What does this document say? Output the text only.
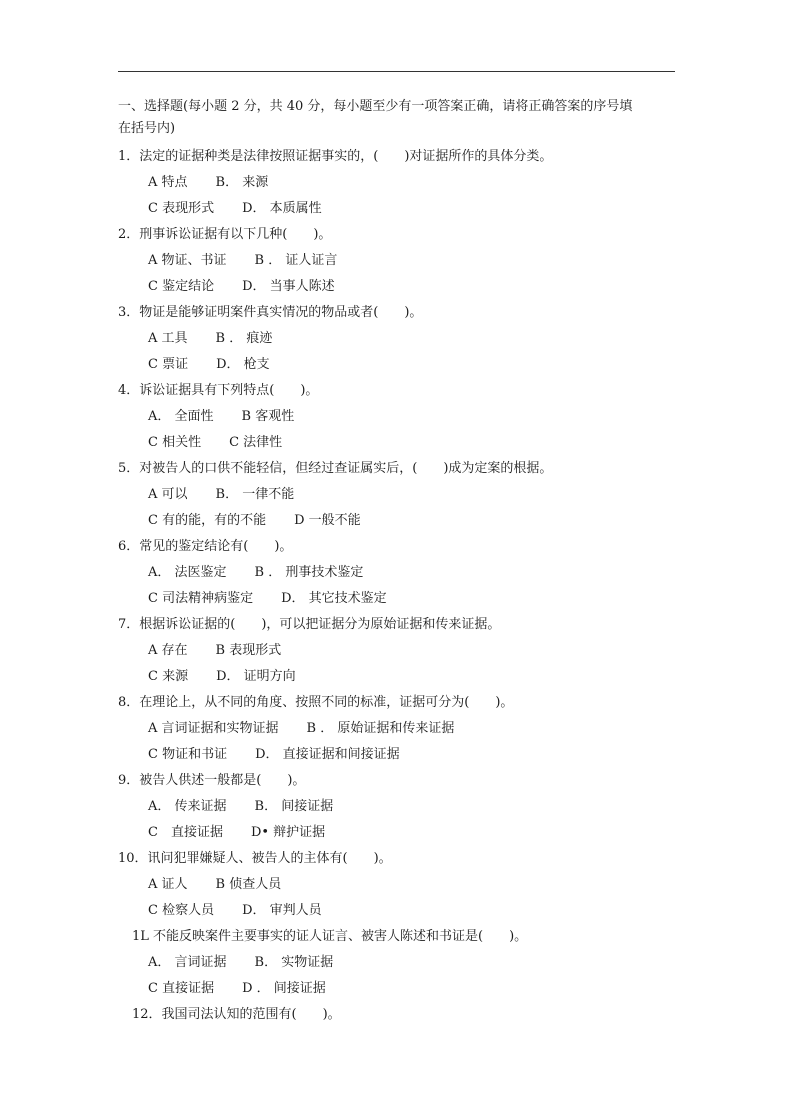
一、选择题(每小题 2 分，共 40 分，每小题至少有一项答案正确，请将正确答案的序号填
在括号内)
1．法定的证据种类是法律按照证据事实的，(　　)对证据所作的具体分类。
A 特点 B． 来源
C 表现形式 D． 本质属性
2．刑事诉讼证据有以下几种(　　)。
A 物证、书证 B ． 证人证言
C 鉴定结论 D． 当事人陈述
3．物证是能够证明案件真实情况的物品或者(　　)。
A 工具 B ． 痕迹
C 票证 D． 枪支
4．诉讼证据具有下列特点(　　)。
A． 全面性 B 客观性
C 相关性 C 法律性
5．对被告人的口供不能轻信，但经过查证属实后，(　　)成为定案的根据。
A 可以 B． 一律不能
C 有的能，有的不能 D 一般不能
6．常见的鉴定结论有(　　)。
A． 法医鉴定 B ． 刑事技术鉴定
C 司法精神病鉴定 D． 其它技术鉴定
7．根据诉讼证据的(　　)，可以把证据分为原始证据和传来证据。
A 存在 B 表现形式
C 来源 D． 证明方向
8．在理论上，从不同的角度、按照不同的标准，证据可分为(　　)。
A 言词证据和实物证据 B ． 原始证据和传来证据
C 物证和书证 D． 直接证据和间接证据
9．被告人供述一般都是(　　)。
A． 传来证据 B． 间接证据
C　直接证据 D• 辩护证据
10．讯问犯罪嫌疑人、被告人的主体有(　　)。
A 证人 B 侦查人员
C 检察人员 D． 审判人员
1L 不能反映案件主要事实的证人证言、被害人陈述和书证是(　　)。
A． 言词证据 B． 实物证据
C 直接证据 D ． 间接证据
12．我国司法认知的范围有(　　)。
